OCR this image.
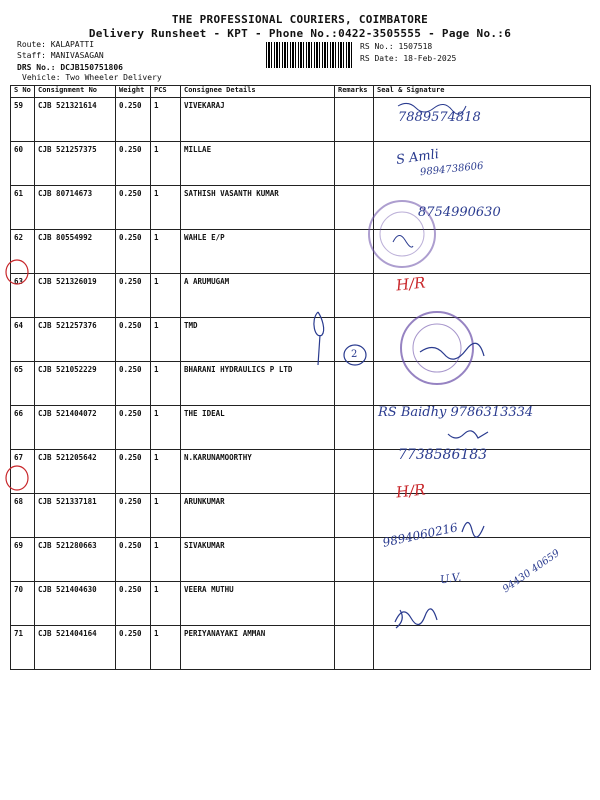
THE PROFESSIONAL COURIERS, COIMBATORE
Delivery Runsheet - KPT - Phone No.:0422-3505555 - Page No.:6
Route: KALAPATTI
Staff: MANIVASAGAN
DRS No.: DCJB150751806
Vehicle: Two Wheeler Delivery
RS No.: 1507518
RS Date: 18-Feb-2025
S No	Consignment No	Weight	PCS	Consignee Details	Remarks	Seal & Signature
59	CJB 521321614	0.250	1	VIVEKARAJ		
60	CJB 521257375	0.250	1	MILLAE		
61	CJB 80714673	0.250	1	SATHISH VASANTH KUMAR		
62	CJB 80554992	0.250	1	WAHLE E/P		
63	CJB 521326019	0.250	1	A ARUMUGAM		
64	CJB 521257376	0.250	1	TMD		
65	CJB 521052229	0.250	1	BHARANI HYDRAULICS P LTD		
66	CJB 521404072	0.250	1	THE IDEAL		
67	CJB 521205642	0.250	1	N.KARUNAMOORTHY		
68	CJB 521337181	0.250	1	ARUNKUMAR		
69	CJB 521280663	0.250	1	SIVAKUMAR		
70	CJB 521404630	0.250	1	VEERA MUTHU		
71	CJB 521404164	0.250	1	PERIYANAYAKI AMMAN		
7889574818
S Amli
9894738606
8754990630
H/R
2
RS Baidhy 9786313334
7738586183
H/R
9894060216
U.V.	94430 40659
